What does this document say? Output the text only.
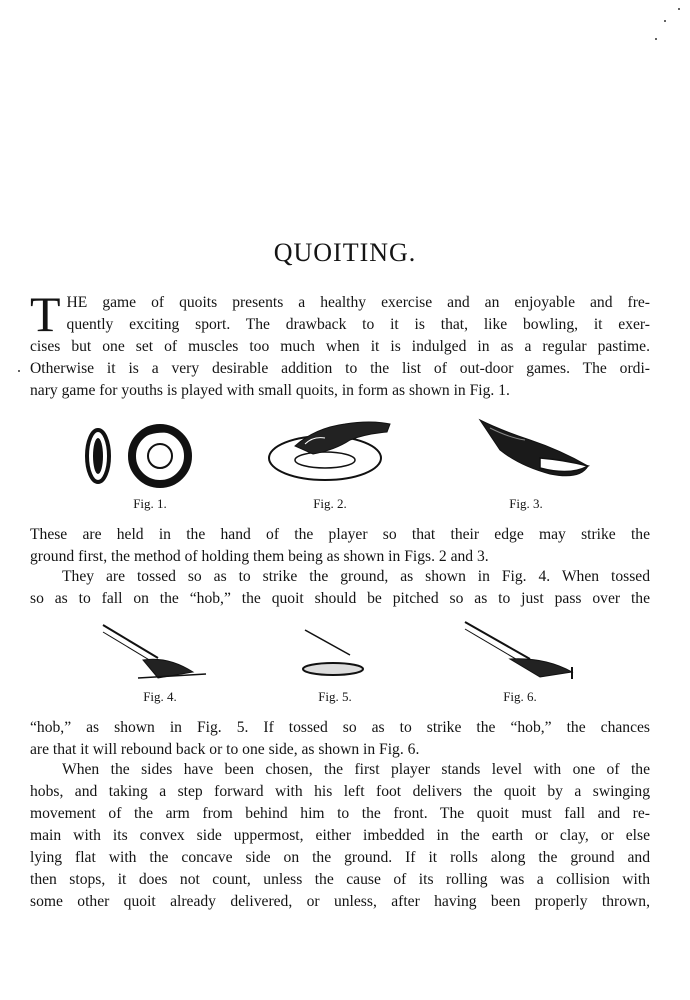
QUOITING.
T HE game of quoits presents a healthy exercise and an enjoyable and fre-
quently exciting sport. The drawback to it is that, like bowling, it exer-
cises but one set of muscles too much when it is indulged in as a regular pastime.
Otherwise it is a very desirable addition to the list of out-door games. The ordi-
nary game for youths is played with small quoits, in form as shown in Fig. 1.
Fig. 1.	Fig. 2.	Fig. 3.
These are held in the hand of the player so that their edge may strike the
ground first, the method of holding them being as shown in Figs. 2 and 3.
They are tossed so as to strike the ground, as shown in Fig. 4. When tossed
so as to fall on the “hob,” the quoit should be pitched so as to just pass over the
Fig. 4.	Fig. 5.	Fig. 6.
“hob,” as shown in Fig. 5. If tossed so as to strike the “hob,” the chances
are that it will rebound back or to one side, as shown in Fig. 6.
When the sides have been chosen, the first player stands level with one of the
hobs, and taking a step forward with his left foot delivers the quoit by a swinging
movement of the arm from behind him to the front. The quoit must fall and re-
main with its convex side uppermost, either imbedded in the earth or clay, or else
lying flat with the concave side on the ground. If it rolls along the ground and
then stops, it does not count, unless the cause of its rolling was a collision with
some other quoit already delivered, or unless, after having been properly thrown,
